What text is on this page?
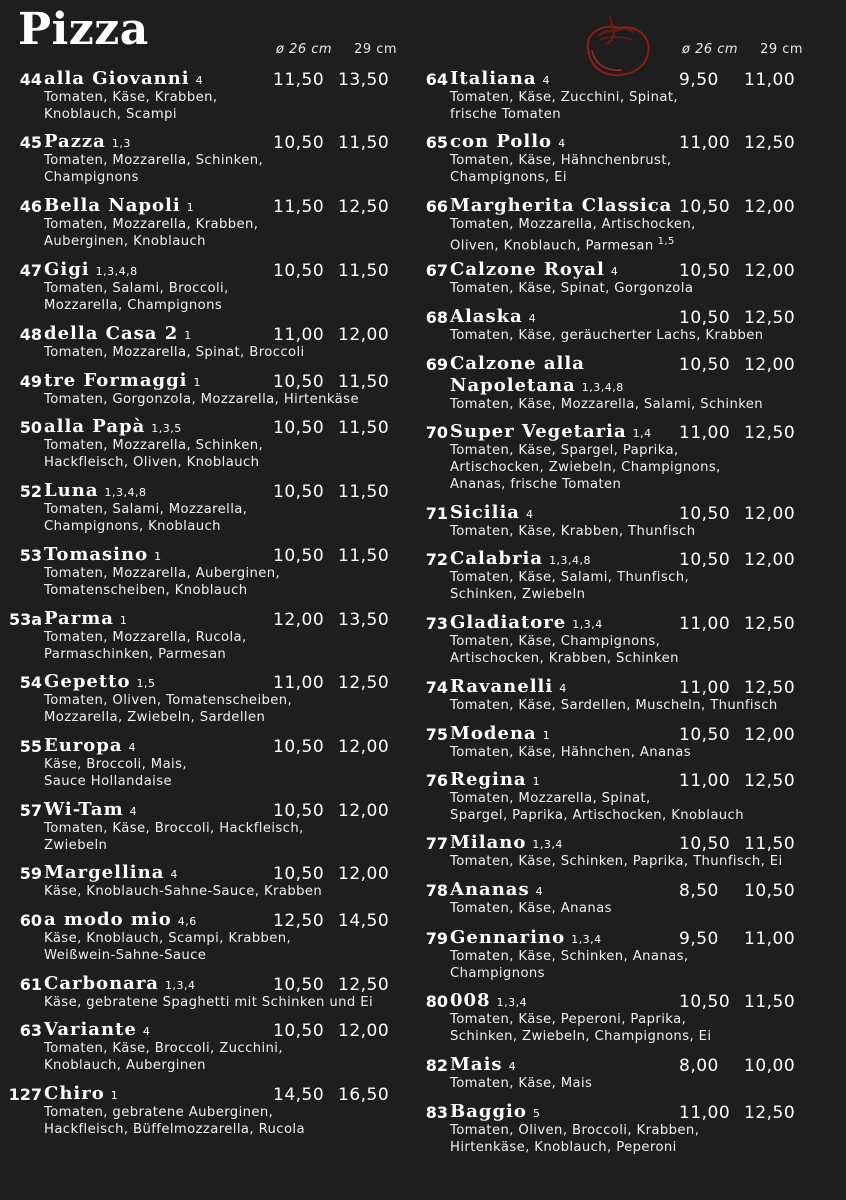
Pizza	ø 26 cm 29 cm	ø 26 cm 29 cm
44 alla Giovanni 4	11,50 13,50
Tomaten, Käse, Krabben,
Knoblauch, Scampi
45 Pazza 1,3	10,50 11,50
Tomaten, Mozzarella, Schinken,
Champignons
46 Bella Napoli 1	11,50 12,50
Tomaten, Mozzarella, Krabben,
Auberginen, Knoblauch
47 Gigi 1,3,4,8	10,50 11,50
Tomaten, Salami, Broccoli,
Mozzarella, Champignons
48 della Casa 2 1	11,00 12,00
Tomaten, Mozzarella, Spinat, Broccoli
49 tre Formaggi 1	10,50 11,50
Tomaten, Gorgonzola, Mozzarella, Hirtenkäse
50 alla Papà 1,3,5	10,50 11,50
Tomaten, Mozzarella, Schinken,
Hackfleisch, Oliven, Knoblauch
52 Luna 1,3,4,8	10,50 11,50
Tomaten, Salami, Mozzarella,
Champignons, Knoblauch
53 Tomasino 1	10,50 11,50
Tomaten, Mozzarella, Auberginen,
Tomatenscheiben, Knoblauch
53a Parma 1	12,00 13,50
Tomaten, Mozzarella, Rucola,
Parmaschinken, Parmesan
54 Gepetto 1,5	11,00 12,50
Tomaten, Oliven, Tomatenscheiben,
Mozzarella, Zwiebeln, Sardellen
55 Europa 4	10,50 12,00
Käse, Broccoli, Mais,
Sauce Hollandaise
57 Wi-Tam 4	10,50 12,00
Tomaten, Käse, Broccoli, Hackfleisch,
Zwiebeln
59 Margellina 4	10,50 12,00
Käse, Knoblauch-Sahne-Sauce, Krabben
60 a modo mio 4,6	12,50 14,50
Käse, Knoblauch, Scampi, Krabben,
Weißwein-Sahne-Sauce
61 Carbonara 1,3,4	10,50 12,50
Käse, gebratene Spaghetti mit Schinken und Ei
63 Variante 4	10,50 12,00
Tomaten, Käse, Broccoli, Zucchini,
Knoblauch, Auberginen
127 Chiro 1	14,50 16,50
Tomaten, gebratene Auberginen,
Hackfleisch, Büffelmozzarella, Rucola
64 Italiana 4	9,50 11,00
Tomaten, Käse, Zucchini, Spinat,
frische Tomaten
65 con Pollo 4	11,00 12,50
Tomaten, Käse, Hähnchenbrust,
Champignons, Ei
66 Margherita Classica 10,50 12,00
Tomaten, Mozzarella, Artischocken,
Oliven, Knoblauch, Parmesan $^{1,5}$
67 Calzone Royal 4	10,50 12,00
Tomaten, Käse, Spinat, Gorgonzola
68 Alaska 4	10,50 12,50
Tomaten, Käse, geräucherter Lachs, Krabben
69 Calzone alla
Napoletana 1,3,4,8
10,50 12,00
Tomaten, Käse, Mozzarella, Salami, Schinken
70 Super Vegetaria 1,4 11,00 12,50
Tomaten, Käse, Spargel, Paprika,
Artischocken, Zwiebeln, Champignons,
Ananas, frische Tomaten
71 Sicilia 4	10,50 12,00
Tomaten, Käse, Krabben, Thunfisch
72 Calabria 1,3,4,8	10,50 12,00
Tomaten, Käse, Salami, Thunfisch,
Schinken, Zwiebeln
73 Gladiatore 1,3,4	11,00 12,50
Tomaten, Käse, Champignons,
Artischocken, Krabben, Schinken
74 Ravanelli 4	11,00 12,50
Tomaten, Käse, Sardellen, Muscheln, Thunfisch
75 Modena 1	10,50 12,00
Tomaten, Käse, Hähnchen, Ananas
76 Regina 1	11,00 12,50
Tomaten, Mozzarella, Spinat,
Spargel, Paprika, Artischocken, Knoblauch
77 Milano 1,3,4	10,50 11,50
Tomaten, Käse, Schinken, Paprika, Thunfisch, Ei
78 Ananas 4	8,50 10,50
Tomaten, Käse, Ananas
79 Gennarino 1,3,4	9,50 11,00
Tomaten, Käse, Schinken, Ananas,
Champignons
80 008 1,3,4	10,50 11,50
Tomaten, Käse, Peperoni, Paprika,
Schinken, Zwiebeln, Champignons, Ei
82 Mais 4	8,00 10,00
Tomaten, Käse, Mais
83 Baggio 5	11,00 12,50
Tomaten, Oliven, Broccoli, Krabben,
Hirtenkäse, Knoblauch, Peperoni
